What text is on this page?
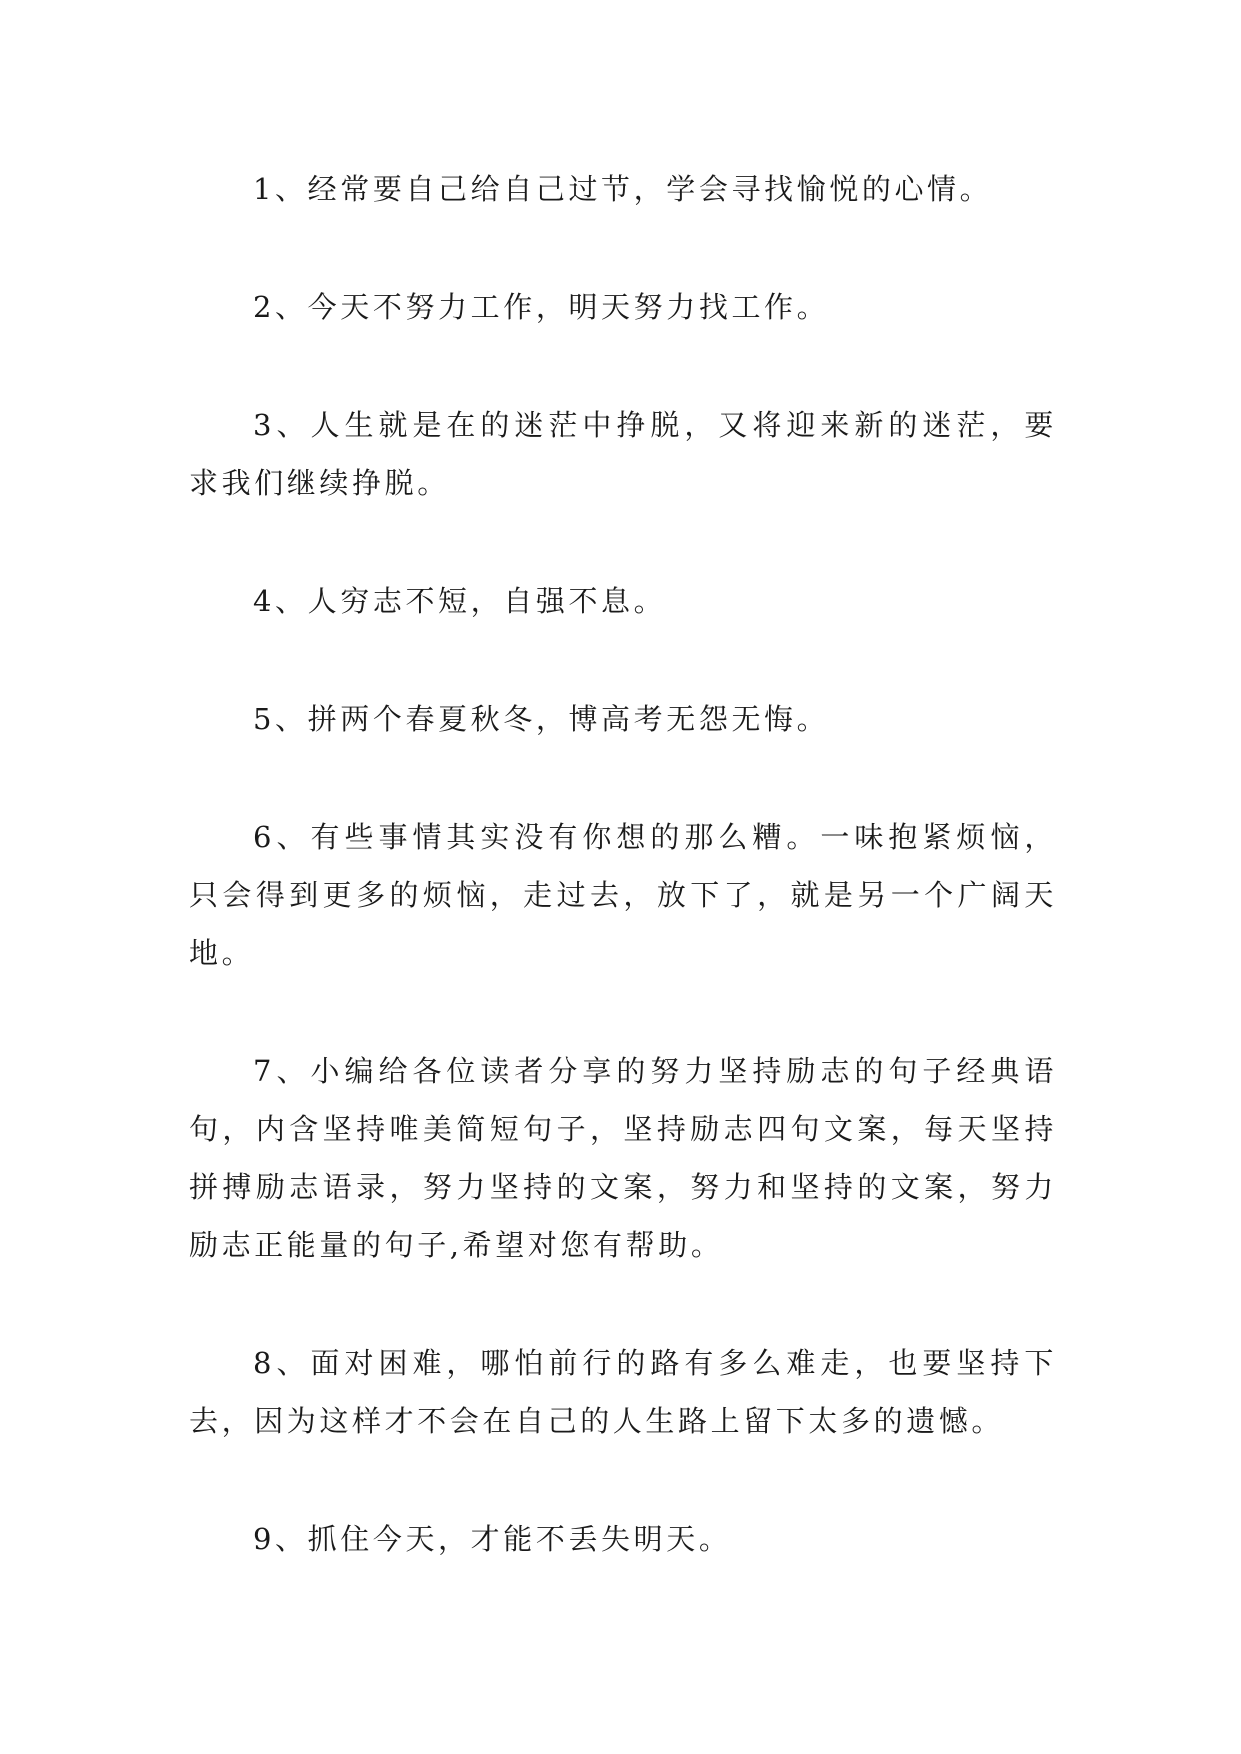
1、经常要自己给自己过节，学会寻找愉悦的心情。

2、今天不努力工作，明天努力找工作。

3、人生就是在的迷茫中挣脱，又将迎来新的迷茫，要求我们继续挣脱。

4、人穷志不短，自强不息。

5、拼两个春夏秋冬，博高考无怨无悔。

6、有些事情其实没有你想的那么糟。一味抱紧烦恼，只会得到更多的烦恼，走过去，放下了，就是另一个广阔天地。

7、小编给各位读者分享的努力坚持励志的句子经典语句，内含坚持唯美简短句子，坚持励志四句文案，每天坚持拼搏励志语录，努力坚持的文案，努力和坚持的文案，努力励志正能量的句子,希望对您有帮助。

8、面对困难，哪怕前行的路有多么难走，也要坚持下去，因为这样才不会在自己的人生路上留下太多的遗憾。

9、抓住今天，才能不丢失明天。
